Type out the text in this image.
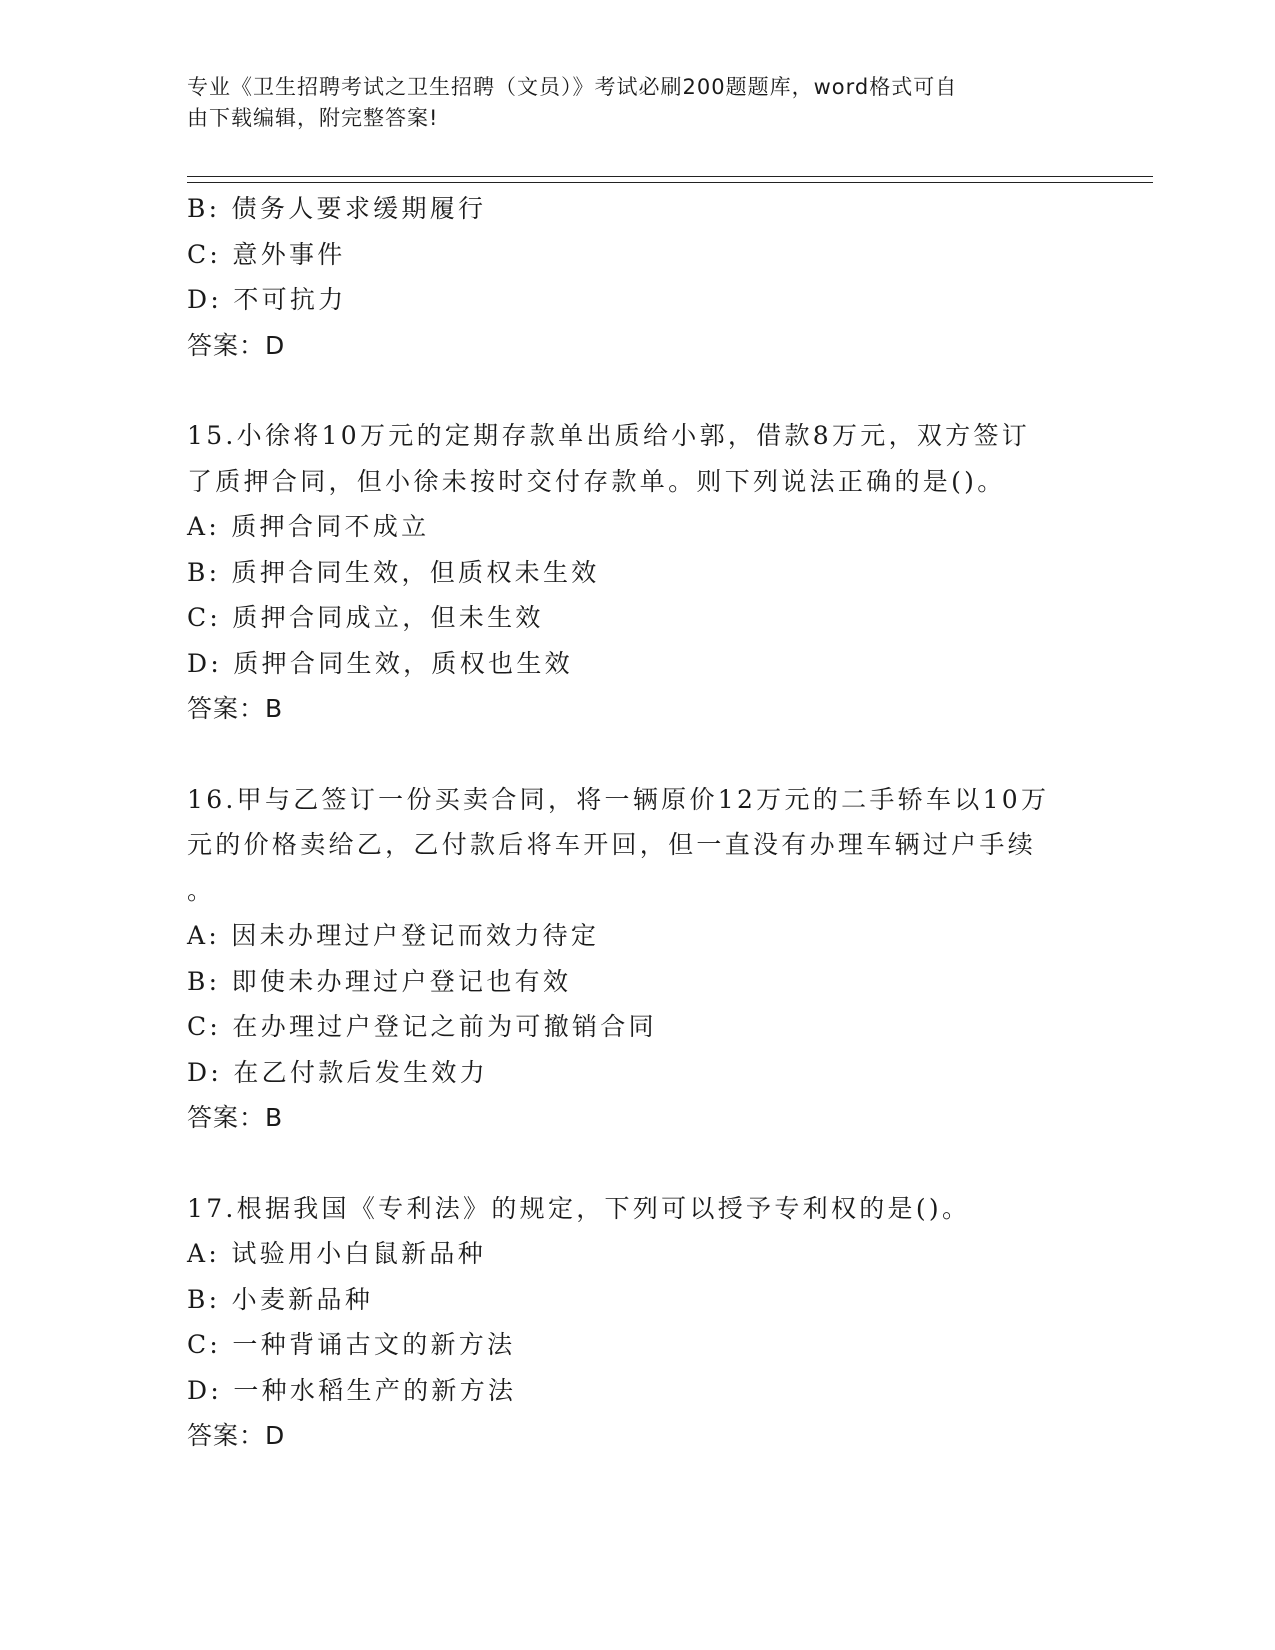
专业《卫生招聘考试之卫生招聘（文员）》考试必刷200题题库，word格式可自
由下载编辑，附完整答案!
B: 债务人要求缓期履行
C: 意外事件
D: 不可抗力
答案：D
15.小徐将10万元的定期存款单出质给小郭，借款8万元，双方签订
了质押合同，但小徐未按时交付存款单。则下列说法正确的是()。
A: 质押合同不成立
B: 质押合同生效，但质权未生效
C: 质押合同成立，但未生效
D: 质押合同生效，质权也生效
答案：B
16.甲与乙签订一份买卖合同，将一辆原价12万元的二手轿车以10万
元的价格卖给乙，乙付款后将车开回，但一直没有办理车辆过户手续
。
A: 因未办理过户登记而效力待定
B: 即使未办理过户登记也有效
C: 在办理过户登记之前为可撤销合同
D: 在乙付款后发生效力
答案：B
17.根据我国《专利法》的规定，下列可以授予专利权的是()。
A: 试验用小白鼠新品种
B: 小麦新品种
C: 一种背诵古文的新方法
D: 一种水稻生产的新方法
答案：D
